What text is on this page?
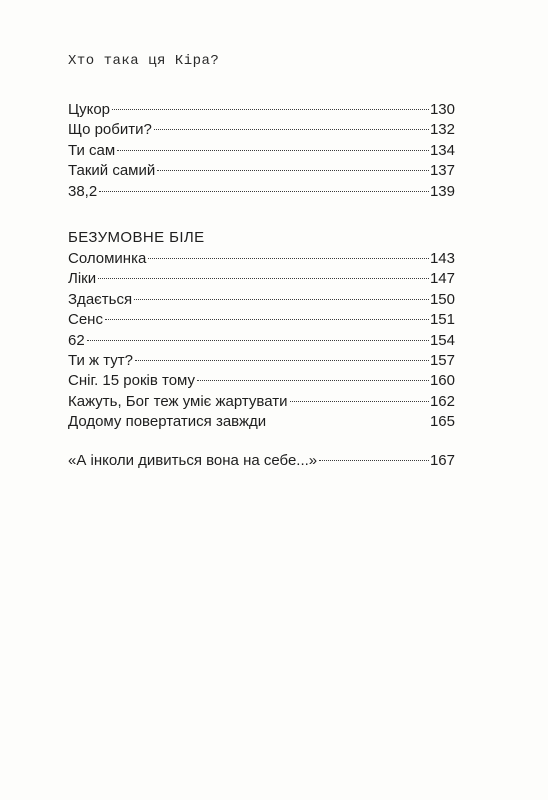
Хто така ця Кіра?
Цукор	130
Що робити?	132
Ти сам	134
Такий самий	137
38,2	139
БЕЗУМОВНЕ БІЛЕ
Соломинка	143
Ліки	147
Здається	150
Сенс	151
62	154
Ти ж тут?	157
Сніг. 15 років тому	160
Кажуть, Бог теж уміє жартувати	162
Додому повертатися завжди	165
«А інколи дивиться вона на себе...»	167
